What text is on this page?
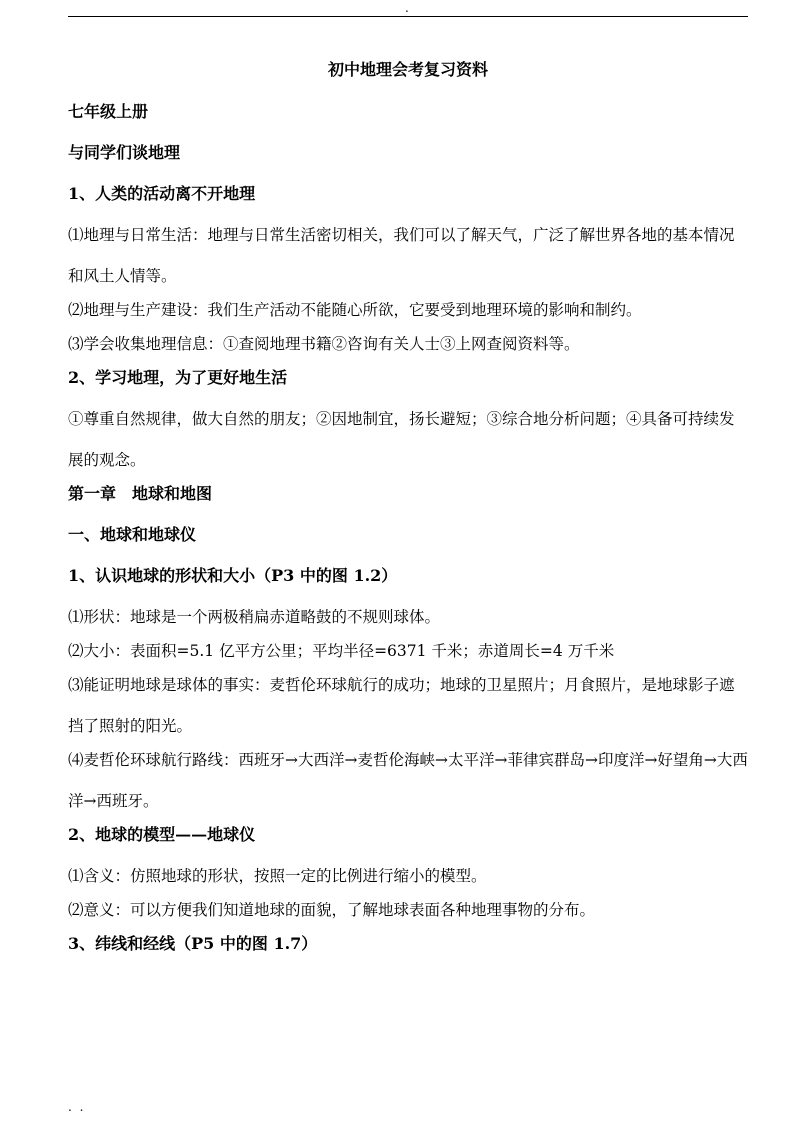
.
初中地理会考复习资料
七年级上册
与同学们谈地理
1、人类的活动离不开地理
⑴地理与日常生活：地理与日常生活密切相关，我们可以了解天气，广泛了解世界各地的基本情况和风土人情等。
⑵地理与生产建设：我们生产活动不能随心所欲，它要受到地理环境的影响和制约。
⑶学会收集地理信息：①查阅地理书籍②咨询有关人士③上网查阅资料等。
2、学习地理，为了更好地生活
①尊重自然规律，做大自然的朋友；②因地制宜，扬长避短；③综合地分析问题；④具备可持续发展的观念。
第一章　地球和地图
一、地球和地球仪
1、认识地球的形状和大小（P3 中的图 1.2）
⑴形状：地球是一个两极稍扁赤道略鼓的不规则球体。
⑵大小：表面积=5.1 亿平方公里；平均半径=6371 千米；赤道周长=4 万千米
⑶能证明地球是球体的事实：麦哲伦环球航行的成功；地球的卫星照片；月食照片，是地球影子遮挡了照射的阳光。
⑷麦哲伦环球航行路线：西班牙→大西洋→麦哲伦海峡→太平洋→菲律宾群岛→印度洋→好望角→大西洋→西班牙。
2、地球的模型——地球仪
⑴含义：仿照地球的形状，按照一定的比例进行缩小的模型。
⑵意义：可以方便我们知道地球的面貌，了解地球表面各种地理事物的分布。
3、纬线和经线（P5 中的图 1.7）
. .
